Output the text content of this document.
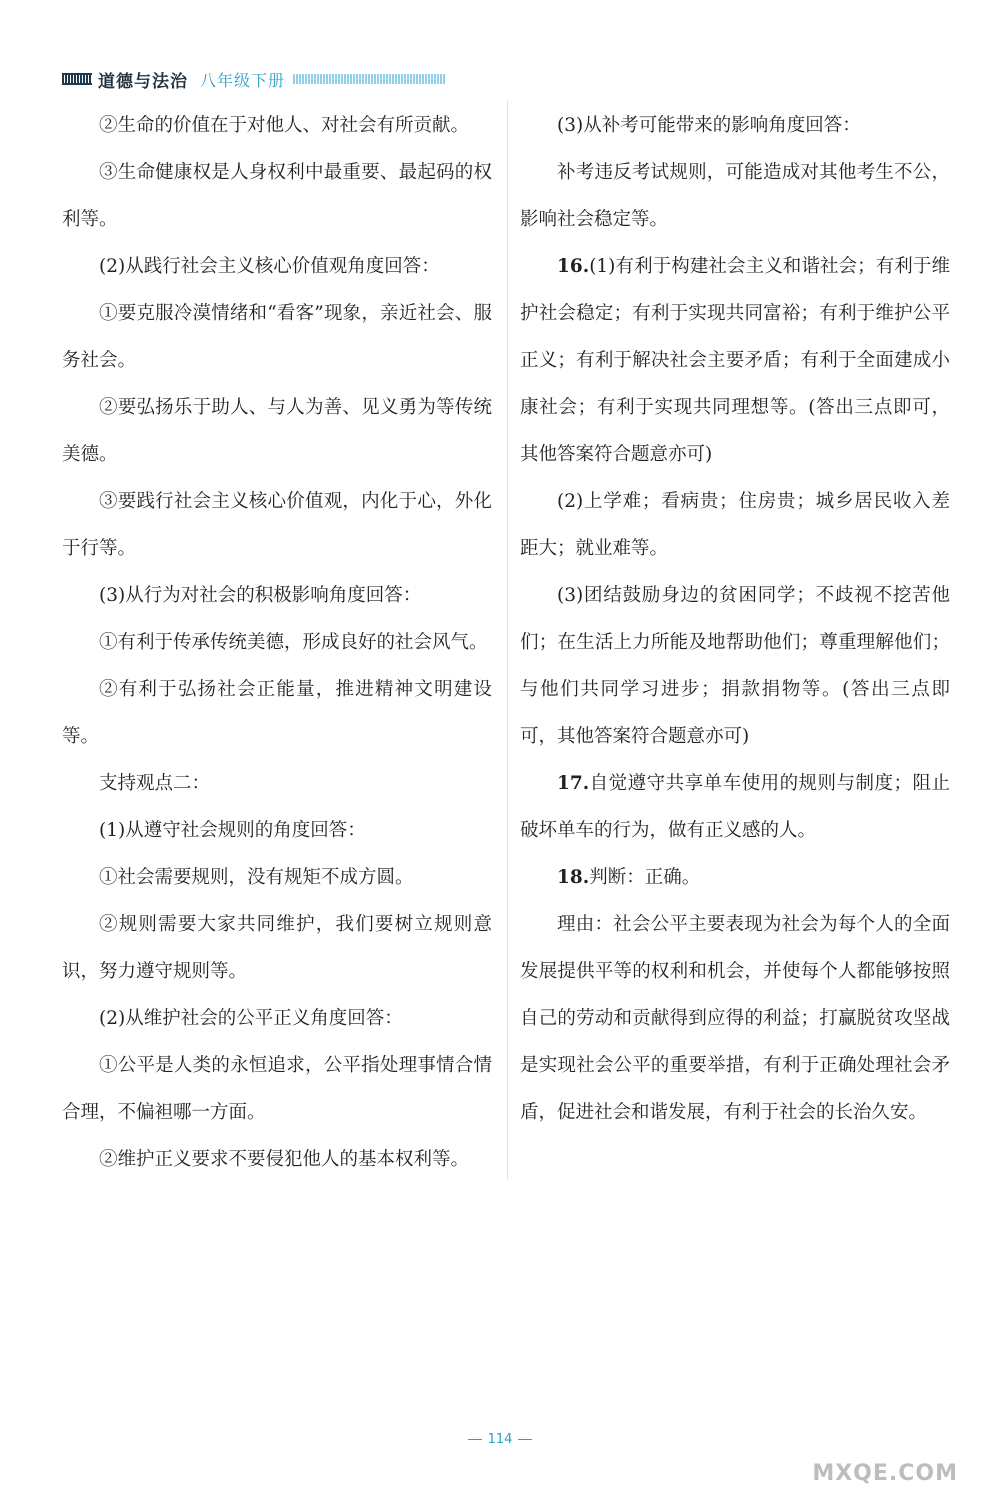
道德与法治 八年级下册

②生命的价值在于对他人、对社会有所贡献。

③生命健康权是人身权利中最重要、最起码的权利等。

(2)从践行社会主义核心价值观角度回答：

①要克服冷漠情绪和“看客”现象，亲近社会、服务社会。

②要弘扬乐于助人、与人为善、见义勇为等传统美德。

③要践行社会主义核心价值观，内化于心，外化于行等。

(3)从行为对社会的积极影响角度回答：

①有利于传承传统美德，形成良好的社会风气。

②有利于弘扬社会正能量，推进精神文明建设等。

支持观点二：

(1)从遵守社会规则的角度回答：

①社会需要规则，没有规矩不成方圆。

②规则需要大家共同维护，我们要树立规则意识，努力遵守规则等。

(2)从维护社会的公平正义角度回答：

①公平是人类的永恒追求，公平指处理事情合情合理，不偏袒哪一方面。

②维护正义要求不要侵犯他人的基本权利等。

(3)从补考可能带来的影响角度回答：

补考违反考试规则，可能造成对其他考生不公，影响社会稳定等。

16.(1)有利于构建社会主义和谐社会；有利于维护社会稳定；有利于实现共同富裕；有利于维护公平正义；有利于解决社会主要矛盾；有利于全面建成小康社会；有利于实现共同理想等。(答出三点即可，其他答案符合题意亦可)

(2)上学难；看病贵；住房贵；城乡居民收入差距大；就业难等。

(3)团结鼓励身边的贫困同学；不歧视不挖苦他们；在生活上力所能及地帮助他们；尊重理解他们；与他们共同学习进步；捐款捐物等。(答出三点即可，其他答案符合题意亦可)

17.自觉遵守共享单车使用的规则与制度；阻止破坏单车的行为，做有正义感的人。

18.判断：正确。

理由：社会公平主要表现为社会为每个人的全面发展提供平等的权利和机会，并使每个人都能够按照自己的劳动和贡献得到应得的利益；打赢脱贫攻坚战是实现社会公平的重要举措，有利于正确处理社会矛盾，促进社会和谐发展，有利于社会的长治久安。

114
MXQE.COM
